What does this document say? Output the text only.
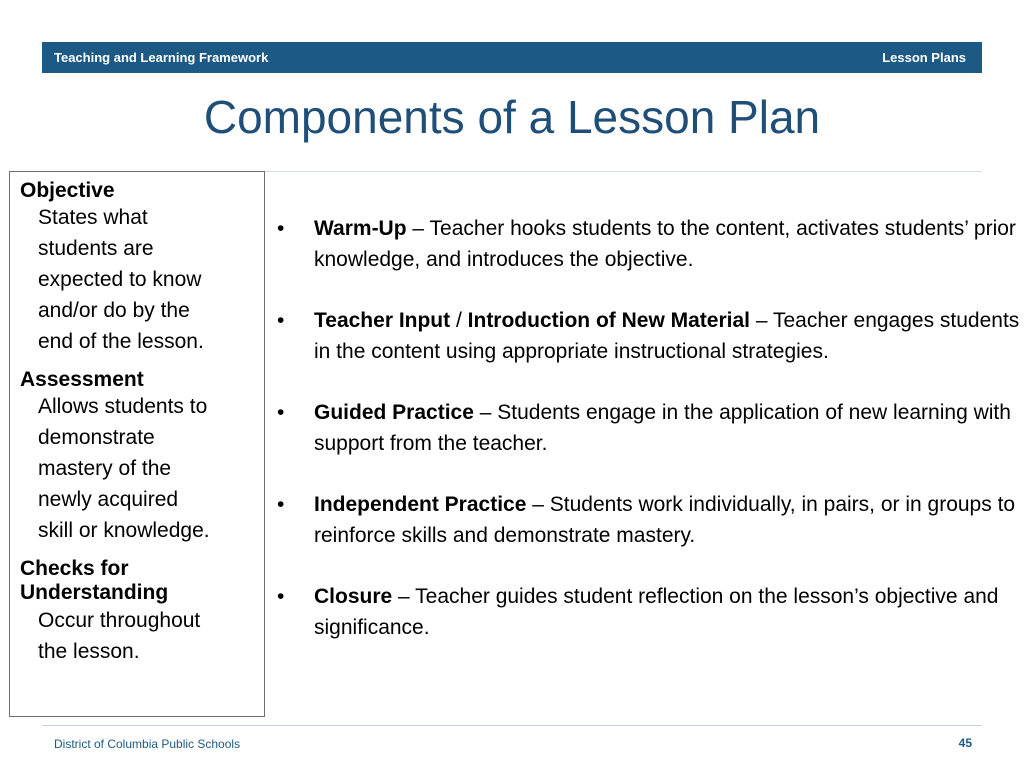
Teaching and Learning Framework	Lesson Plans
Components of a Lesson Plan

Objective

States what
students are
expected to know
and/or do by the
end of the lesson.

Assessment

Allows students to
demonstrate
mastery of the
newly acquired
skill or knowledge.

Checks for
Understanding

Occur throughout
the lesson.

• Warm-Up – Teacher hooks students to the content, activates students’ prior knowledge, and introduces the objective.
• Teacher Input / Introduction of New Material – Teacher engages students in the content using appropriate instructional strategies.
• Guided Practice – Students engage in the application of new learning with support from the teacher.
• Independent Practice – Students work individually, in pairs, or in groups to reinforce skills and demonstrate mastery.
• Closure – Teacher guides student reflection on the lesson’s objective and significance.
District of Columbia Public Schools	45
